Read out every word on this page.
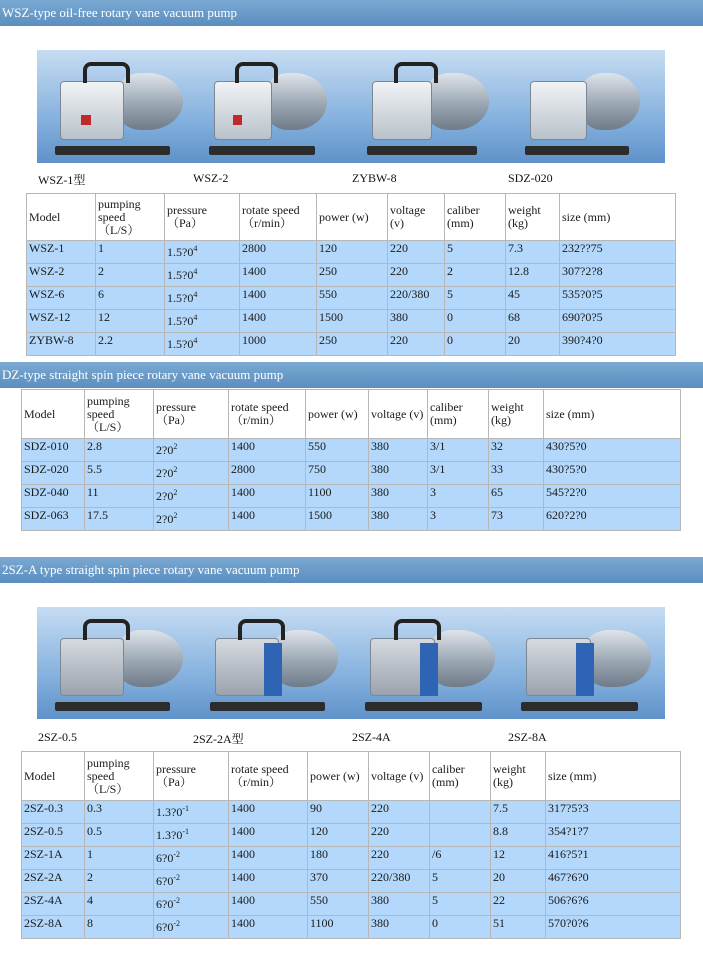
WSZ-type oil-free rotary vane vacuum pump
WSZ-1型	WSZ-2	ZYBW-8	SDZ-020
Model	pumping speed （L/S）	pressure （Pa）	rotate speed （r/min）	power (w)	voltage (v)	caliber (mm)	weight (kg)	size (mm)
WSZ-1	1	$1.5?0^4$	2800	120	220	5	7.3	232??75
WSZ-2	2	$1.5?0^4$	1400	250	220	2	12.8	307?2?8
WSZ-6	6	$1.5?0^4$	1400	550	220/380	5	45	535?0?5
WSZ-12	12	$1.5?0^4$	1400	1500	380	0	68	690?0?5
ZYBW-8	2.2	$1.5?0^4$	1000	250	220	0	20	390?4?0
DZ-type straight spin piece rotary vane vacuum pump
Model	pumping speed （L/S）	pressure （Pa）	rotate speed （r/min）	power (w)	voltage (v)	caliber (mm)	weight (kg)	size (mm)
SDZ-010	2.8	$2?0^2$	1400	550	380	3/1	32	430?5?0
SDZ-020	5.5	$2?0^2$	2800	750	380	3/1	33	430?5?0
SDZ-040	11	$2?0^2$	1400	1100	380	3	65	545?2?0
SDZ-063	17.5	$2?0^2$	1400	1500	380	3	73	620?2?0
2SZ-A type straight spin piece rotary vane vacuum pump
2SZ-0.5	2SZ-2A型	2SZ-4A	2SZ-8A
Model	pumping speed （L/S）	pressure （Pa）	rotate speed （r/min）	power (w)	voltage (v)	caliber (mm)	weight (kg)	size (mm)
2SZ-0.3	0.3	$1.3?0^{-1}$	1400	90	220		7.5	317?5?3
2SZ-0.5	0.5	$1.3?0^{-1}$	1400	120	220		8.8	354?1?7
2SZ-1A	1	$6?0^{-2}$	1400	180	220	/6	12	416?5?1
2SZ-2A	2	$6?0^{-2}$	1400	370	220/380	5	20	467?6?0
2SZ-4A	4	$6?0^{-2}$	1400	550	380	5	22	506?6?6
2SZ-8A	8	$6?0^{-2}$	1400	1100	380	0	51	570?0?6
